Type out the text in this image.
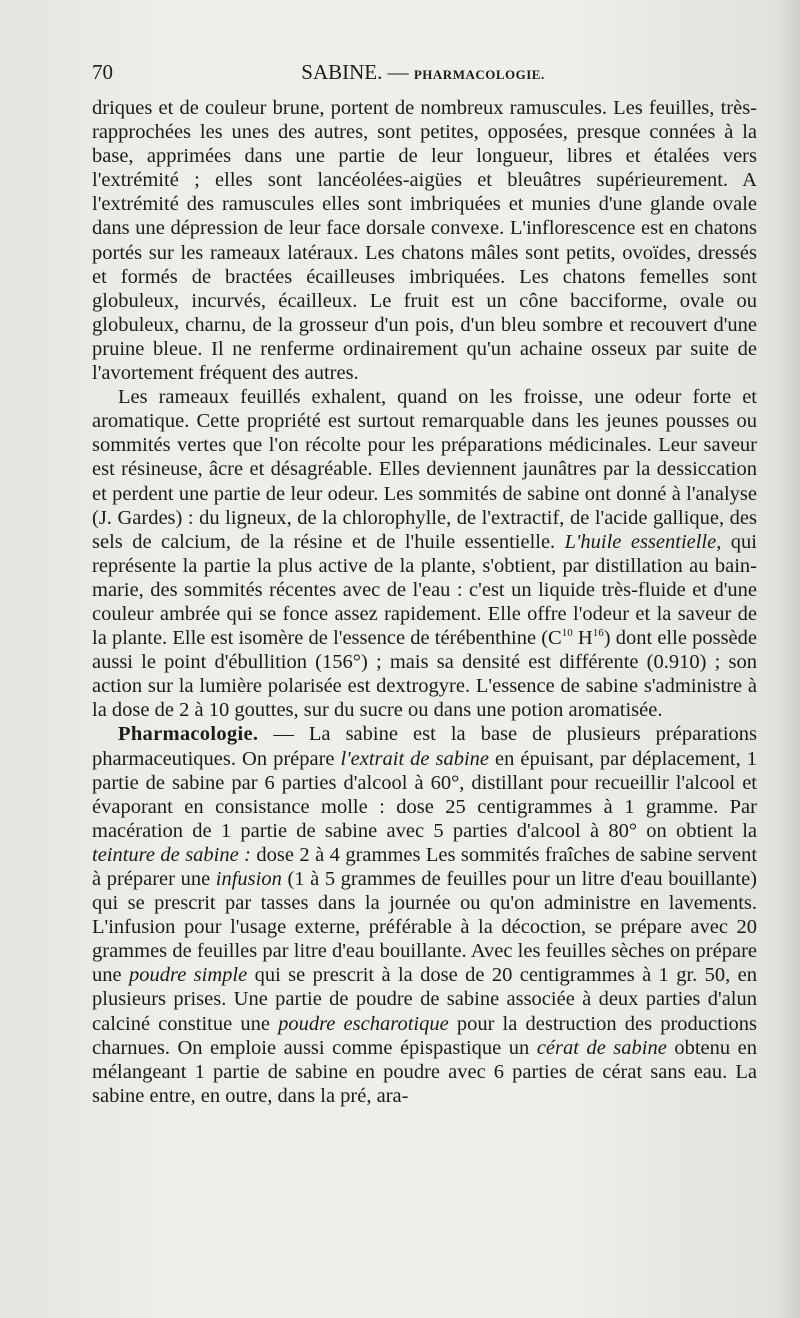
70	SABINE. — PHARMACOLOGIE.

driques et de couleur brune, portent de nombreux ramuscules. Les feuilles, très-rapprochées les unes des autres, sont petites, opposées, presque connées à la base, apprimées dans une partie de leur longueur, libres et étalées vers l'extrémité ; elles sont lancéolées-aigües et bleuâtres supérieurement. A l'extrémité des ramuscules elles sont imbriquées et munies d'une glande ovale dans une dépression de leur face dorsale convexe. L'inflorescence est en chatons portés sur les rameaux latéraux. Les chatons mâles sont petits, ovoïdes, dressés et formés de bractées écailleuses imbriquées. Les chatons femelles sont globuleux, incurvés, écailleux. Le fruit est un cône bacciforme, ovale ou globuleux, charnu, de la grosseur d'un pois, d'un bleu sombre et recouvert d'une pruine bleue. Il ne renferme ordinairement qu'un achaine osseux par suite de l'avortement fréquent des autres.

Les rameaux feuillés exhalent, quand on les froisse, une odeur forte et aromatique. Cette propriété est surtout remarquable dans les jeunes pousses ou sommités vertes que l'on récolte pour les préparations médicinales. Leur saveur est résineuse, âcre et désagréable. Elles deviennent jaunâtres par la dessiccation et perdent une partie de leur odeur. Les sommités de sabine ont donné à l'analyse (J. Gardes) : du ligneux, de la chlorophylle, de l'extractif, de l'acide gallique, des sels de calcium, de la résine et de l'huile essentielle. L'huile essentielle, qui représente la partie la plus active de la plante, s'obtient, par distillation au bain-marie, des sommités récentes avec de l'eau : c'est un liquide très-fluide et d'une couleur ambrée qui se fonce assez rapidement. Elle offre l'odeur et la saveur de la plante. Elle est isomère de l'essence de térébenthine ($C^{10}$ $H^{16}$) dont elle possède aussi le point d'ébullition (156°) ; mais sa densité est différente (0.910) ; son action sur la lumière polarisée est dextrogyre. L'essence de sabine s'administre à la dose de 2 à 10 gouttes, sur du sucre ou dans une potion aromatisée.

Pharmacologie. — La sabine est la base de plusieurs préparations pharmaceutiques. On prépare l'extrait de sabine en épuisant, par déplacement, 1 partie de sabine par 6 parties d'alcool à 60°, distillant pour recueillir l'alcool et évaporant en consistance molle : dose 25 centigrammes à 1 gramme. Par macération de 1 partie de sabine avec 5 parties d'alcool à 80° on obtient la teinture de sabine : dose 2 à 4 grammes Les sommités fraîches de sabine servent à préparer une infusion (1 à 5 grammes de feuilles pour un litre d'eau bouillante) qui se prescrit par tasses dans la journée ou qu'on administre en lavements. L'infusion pour l'usage externe, préférable à la décoction, se prépare avec 20 grammes de feuilles par litre d'eau bouillante. Avec les feuilles sèches on prépare une poudre simple qui se prescrit à la dose de 20 centigrammes à 1 gr. 50, en plusieurs prises. Une partie de poudre de sabine associée à deux parties d'alun calciné constitue une poudre escharotique pour la destruction des productions charnues. On emploie aussi comme épispastique un cérat de sabine obtenu en mélangeant 1 partie de sabine en poudre avec 6 parties de cérat sans eau. La sabine entre, en outre, dans la pré, ara-
